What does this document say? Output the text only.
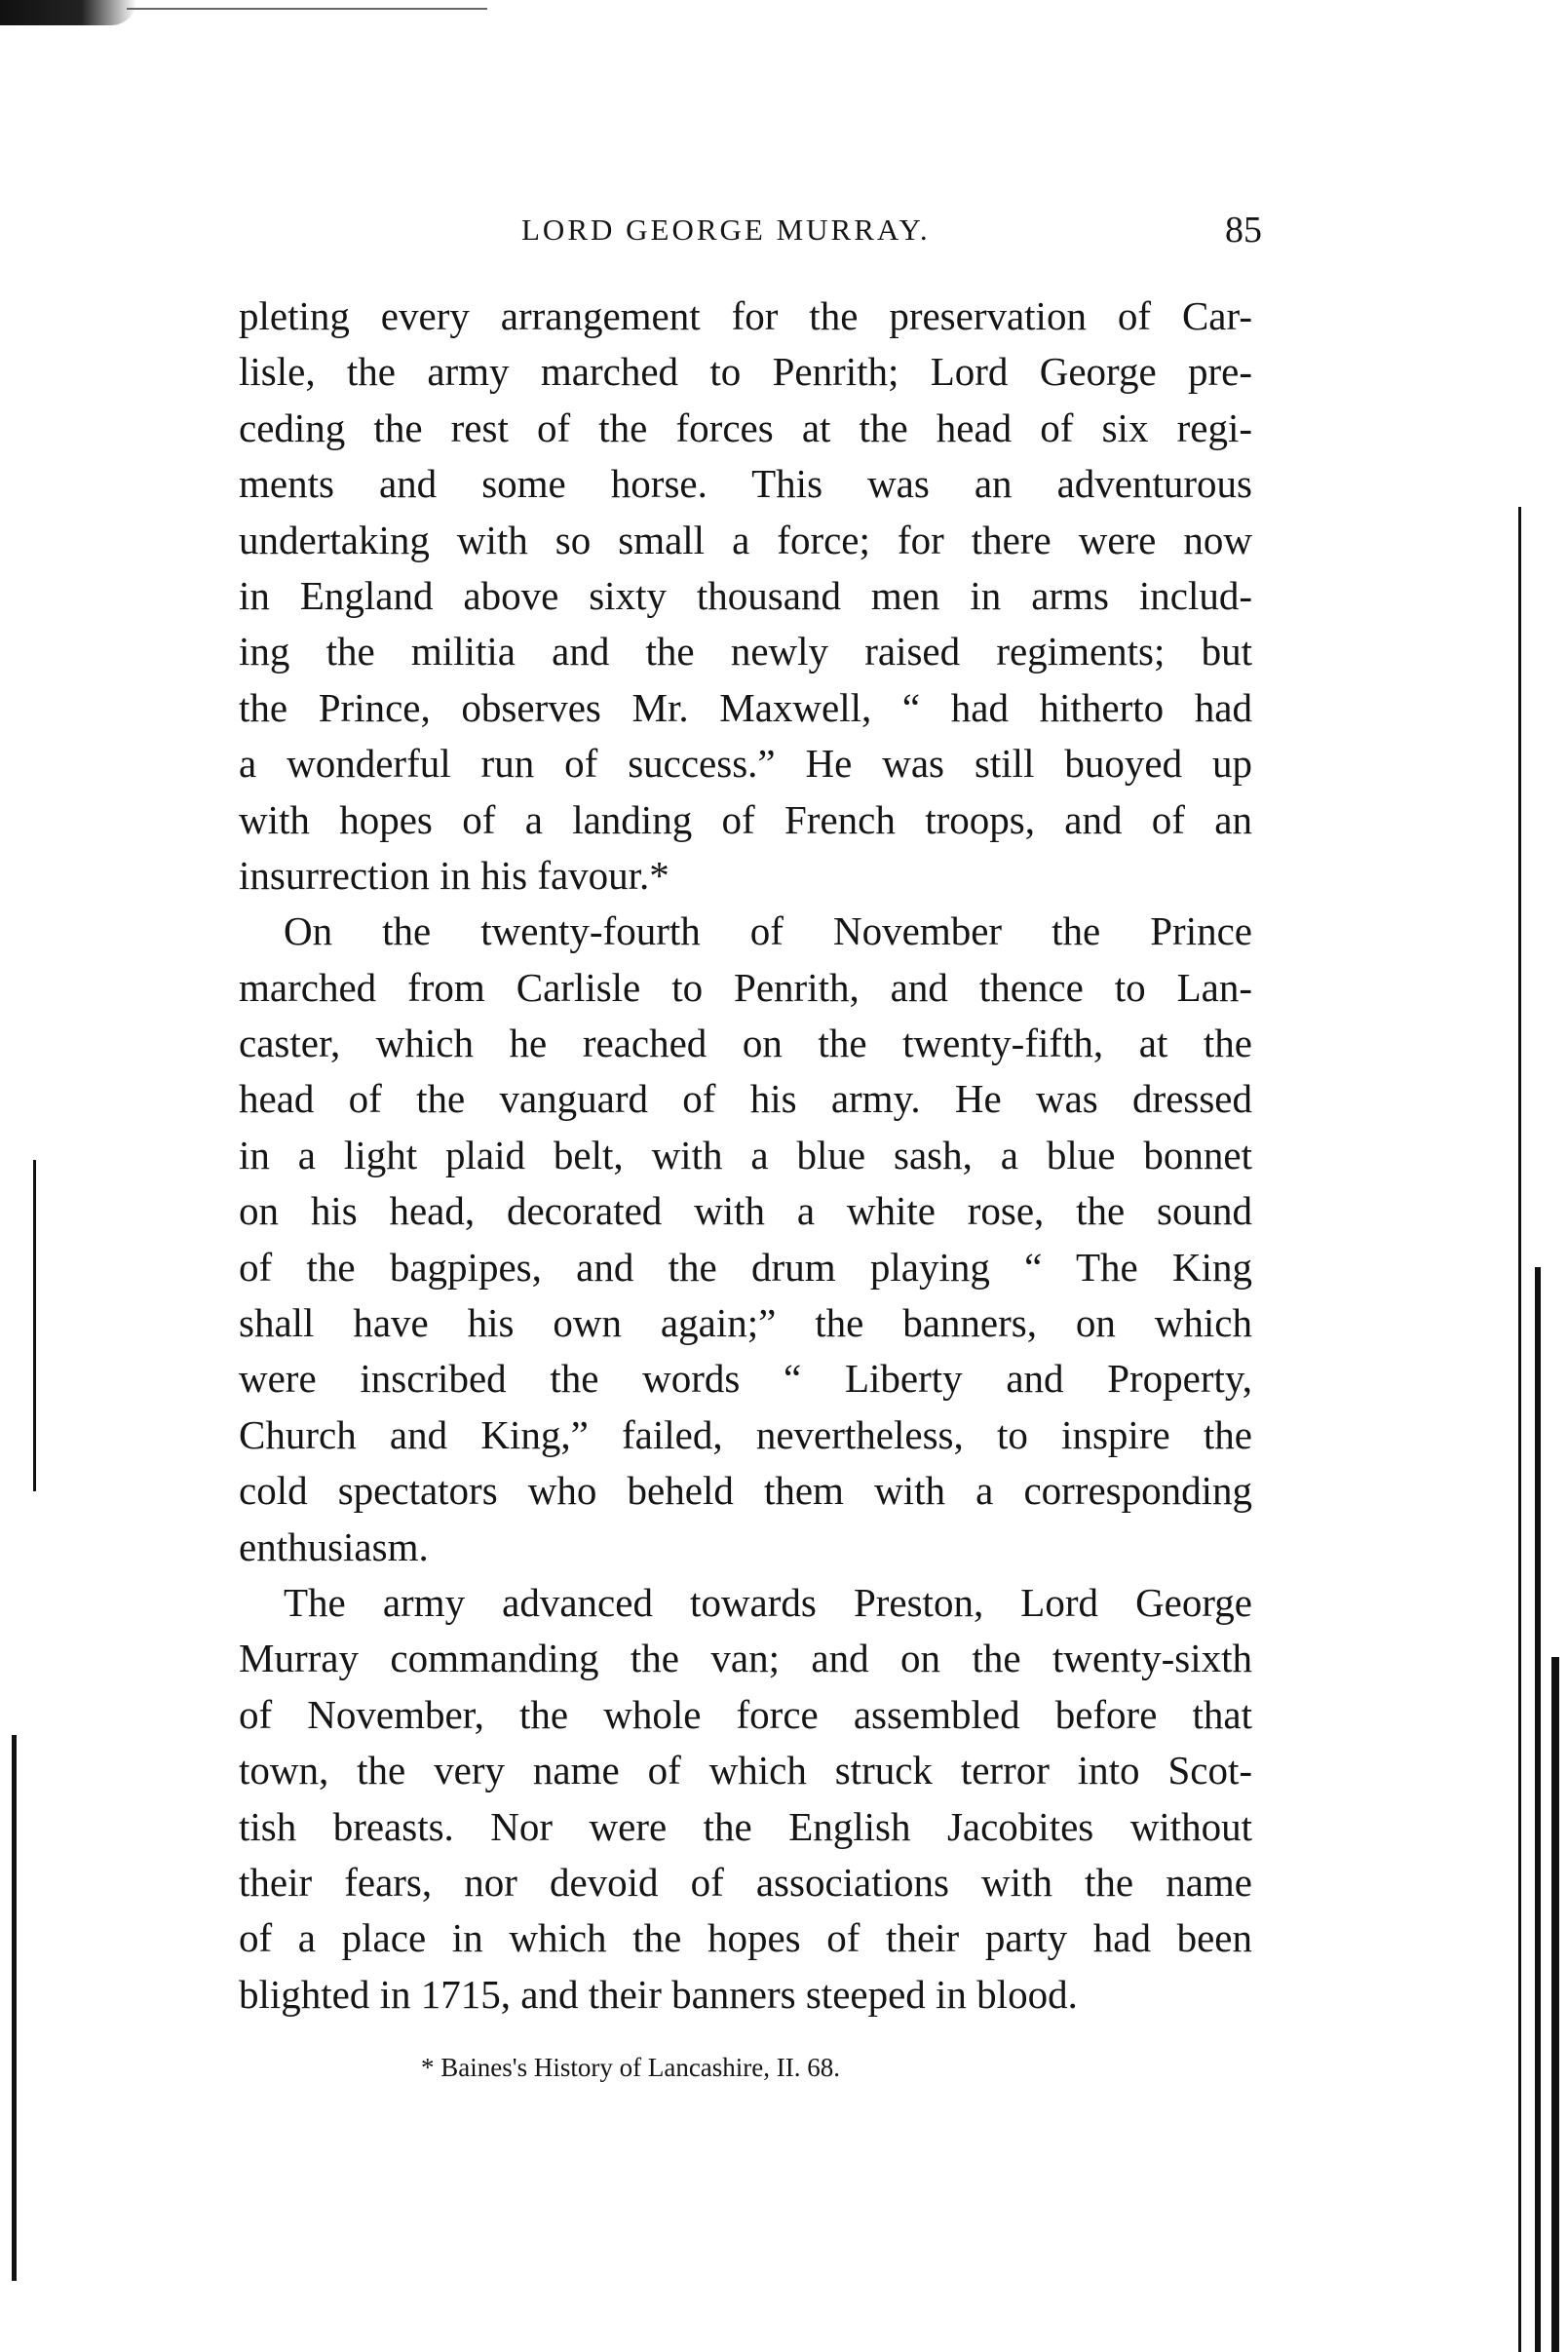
LORD GEORGE MURRAY.	85
pleting every arrangement for the preservation of Car-
lisle, the army marched to Penrith; Lord George pre-
ceding the rest of the forces at the head of six regi-
ments and some horse. This was an adventurous
undertaking with so small a force; for there were now
in England above sixty thousand men in arms includ-
ing the militia and the newly raised regiments; but
the Prince, observes Mr. Maxwell, “ had hitherto had
a wonderful run of success.” He was still buoyed up
with hopes of a landing of French troops, and of an
insurrection in his favour.*
On the twenty-fourth of November the Prince
marched from Carlisle to Penrith, and thence to Lan-
caster, which he reached on the twenty-fifth, at the
head of the vanguard of his army. He was dressed
in a light plaid belt, with a blue sash, a blue bonnet
on his head, decorated with a white rose, the sound
of the bagpipes, and the drum playing “ The King
shall have his own again;” the banners, on which
were inscribed the words “ Liberty and Property,
Church and King,” failed, nevertheless, to inspire the
cold spectators who beheld them with a corresponding
enthusiasm.
The army advanced towards Preston, Lord George
Murray commanding the van; and on the twenty-sixth
of November, the whole force assembled before that
town, the very name of which struck terror into Scot-
tish breasts. Nor were the English Jacobites without
their fears, nor devoid of associations with the name
of a place in which the hopes of their party had been
blighted in 1715, and their banners steeped in blood.
* Baines's History of Lancashire, II. 68.
